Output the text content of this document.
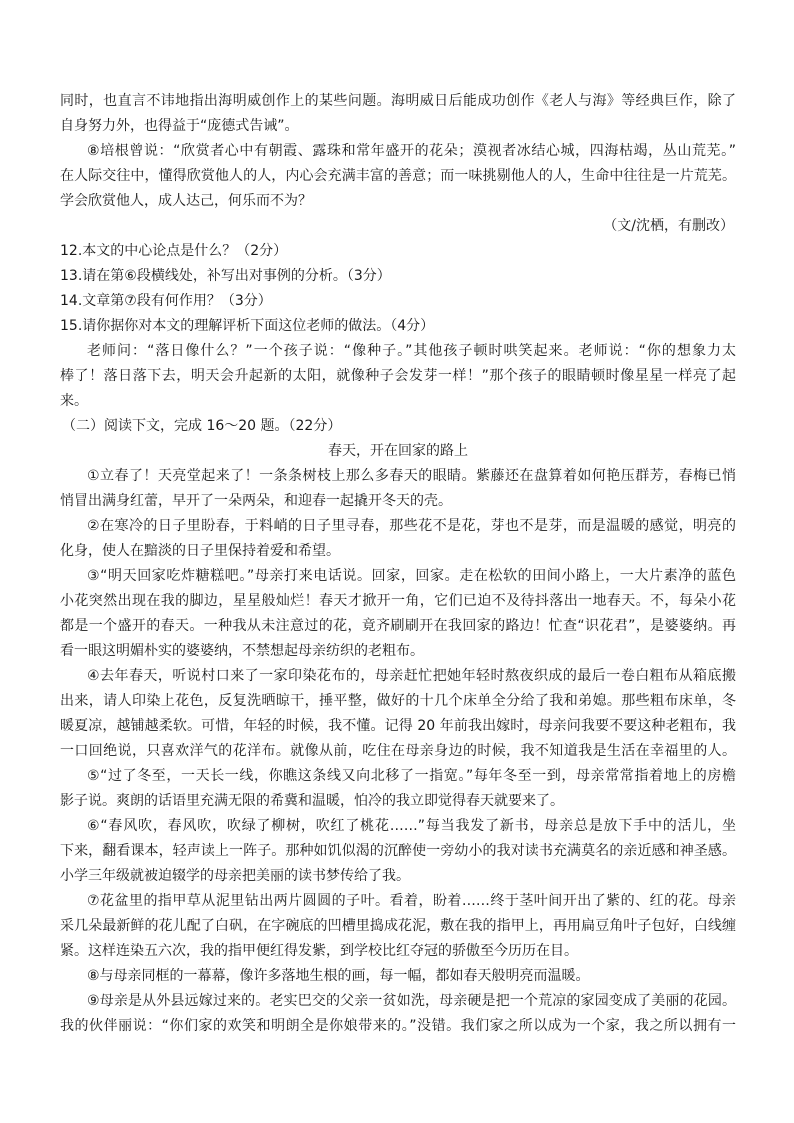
同时，也直言不讳地指出海明威创作上的某些问题。海明威日后能成功创作《老人与海》等经典巨作，除了
自身努力外，也得益于“庞德式告诫”。
⑧培根曾说：“欣赏者心中有朝霞、露珠和常年盛开的花朵；漠视者冰结心城，四海枯竭，丛山荒芜。”
在人际交往中，懂得欣赏他人的人，内心会充满丰富的善意；而一味挑剔他人的人，生命中往往是一片荒芜。
学会欣赏他人，成人达己，何乐而不为？
（文/沈栖，有删改）
12.本文的中心论点是什么？（2分）
13.请在第⑥段横线处，补写出对事例的分析。（3分）
14.文章第⑦段有何作用？（3分）
15.请你据你对本文的理解评析下面这位老师的做法。（4分）
老师问：“落日像什么？”一个孩子说：“像种子。”其他孩子顿时哄笑起来。老师说：“你的想象力太
棒了！落日落下去，明天会升起新的太阳，就像种子会发芽一样！”那个孩子的眼睛顿时像星星一样亮了起
来。
（二）阅读下文，完成 16～20 题。（22分）
春天，开在回家的路上
①立春了！天亮堂起来了！一条条树枝上那么多春天的眼睛。紫藤还在盘算着如何艳压群芳，春梅已悄
悄冒出满身红蕾，早开了一朵两朵，和迎春一起撬开冬天的壳。
②在寒冷的日子里盼春，于料峭的日子里寻春，那些花不是花，芽也不是芽，而是温暖的感觉，明亮的
化身，使人在黯淡的日子里保持着爱和希望。
③“明天回家吃炸糖糕吧。”母亲打来电话说。回家，回家。走在松软的田间小路上，一大片素净的蓝色
小花突然出现在我的脚边，星星般灿烂！春天才掀开一角，它们已迫不及待抖落出一地春天。不，每朵小花
都是一个盛开的春天。一种我从未注意过的花，竟齐刷刷开在我回家的路边！忙查“识花君”，是婆婆纳。再
看一眼这明媚朴实的婆婆纳，不禁想起母亲纺织的老粗布。
④去年春天，听说村口来了一家印染花布的，母亲赶忙把她年轻时熬夜织成的最后一卷白粗布从箱底搬
出来，请人印染上花色，反复洗晒晾干，捶平整，做好的十几个床单全分给了我和弟媳。那些粗布床单，冬
暖夏凉，越铺越柔软。可惜，年轻的时候，我不懂。记得 20 年前我出嫁时，母亲问我要不要这种老粗布，我
一口回绝说，只喜欢洋气的花洋布。就像从前，吃住在母亲身边的时候，我不知道我是生活在幸福里的人。
⑤“过了冬至，一天长一线，你瞧这条线又向北移了一指宽。”每年冬至一到，母亲常常指着地上的房檐
影子说。爽朗的话语里充满无限的希冀和温暖，怕冷的我立即觉得春天就要来了。
⑥“春风吹，春风吹，吹绿了柳树，吹红了桃花……”每当我发了新书，母亲总是放下手中的活儿，坐
下来，翻看课本，轻声读上一阵子。那种如饥似渴的沉醉使一旁幼小的我对读书充满莫名的亲近感和神圣感。
小学三年级就被迫辍学的母亲把美丽的读书梦传给了我。
⑦花盆里的指甲草从泥里钻出两片圆圆的子叶。看着，盼着……终于茎叶间开出了紫的、红的花。母亲
采几朵最新鲜的花儿配了白矾，在字碗底的凹槽里捣成花泥，敷在我的指甲上，再用扁豆角叶子包好，白线缠
紧。这样连染五六次，我的指甲便红得发紫，到学校比红夺冠的骄傲至今历历在目。
⑧与母亲同框的一幕幕，像许多落地生根的画，每一幅，都如春天般明亮而温暖。
⑨母亲是从外县远嫁过来的。老实巴交的父亲一贫如洗，母亲硬是把一个荒凉的家园变成了美丽的花园。
我的伙伴丽说：“你们家的欢笑和明朗全是你娘带来的。”没错。我们家之所以成为一个家，我之所以拥有一
